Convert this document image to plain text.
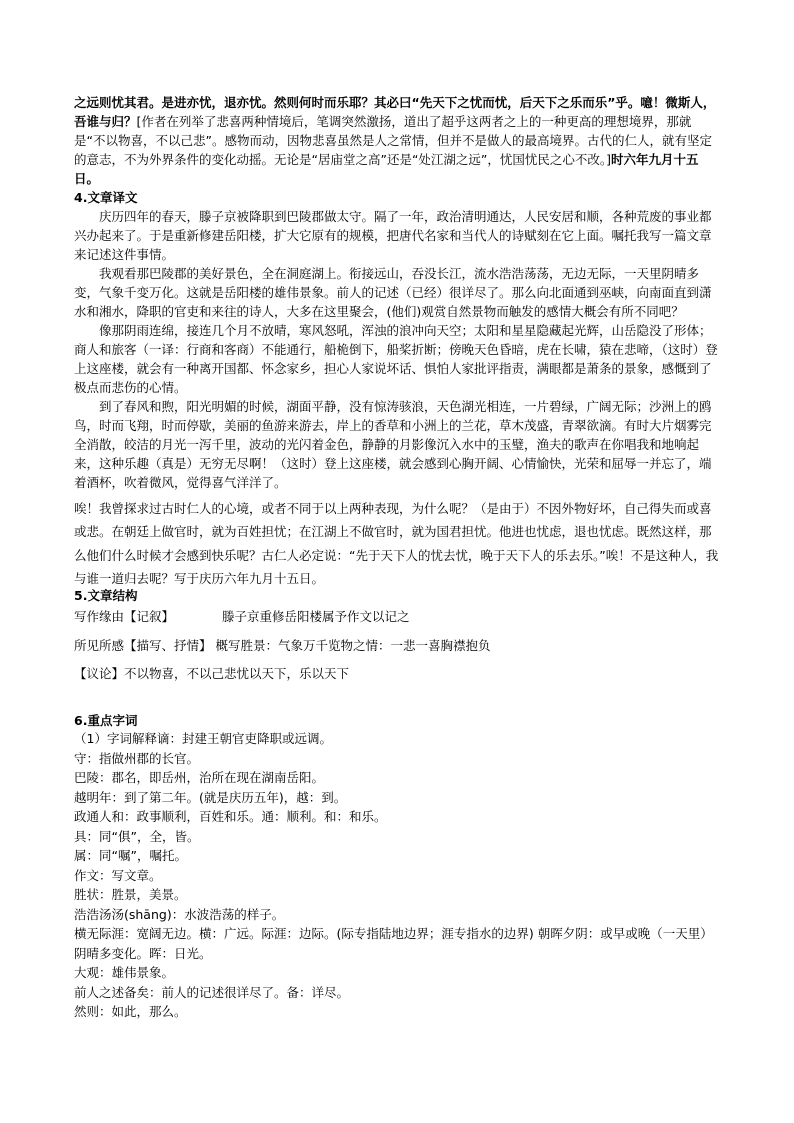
之远则忧其君。是进亦忧，退亦忧。然则何时而乐耶？其必曰“先天下之忧而忧，后天下之乐而乐”乎。噫！微斯人，吾谁与归？[作者在列举了悲喜两种情境后，笔调突然激扬，道出了超乎这两者之上的一种更高的理想境界，那就是“不以物喜，不以己悲”。感物而动，因物悲喜虽然是人之常情，但并不是做人的最高境界。古代的仁人，就有坚定的意志，不为外界条件的变化动摇。无论是“居庙堂之高”还是“处江湖之远”，忧国忧民之心不改。]时六年九月十五日。
4.文章译文

庆历四年的春天，滕子京被降职到巴陵郡做太守。隔了一年，政治清明通达，人民安居和顺，各种荒废的事业都兴办起来了。于是重新修建岳阳楼，扩大它原有的规模，把唐代名家和当代人的诗赋刻在它上面。嘱托我写一篇文章来记述这件事情。

我观看那巴陵郡的美好景色，全在洞庭湖上。衔接远山，吞没长江，流水浩浩荡荡，无边无际，一天里阴晴多变，气象千变万化。这就是岳阳楼的雄伟景象。前人的记述（已经）很详尽了。那么向北面通到巫峡，向南面直到潇水和湘水，降职的官吏和来往的诗人，大多在这里聚会，(他们)观赏自然景物而触发的感情大概会有所不同吧？

像那阴雨连绵，接连几个月不放晴，寒风怒吼，浑浊的浪冲向天空；太阳和星星隐藏起光辉，山岳隐没了形体；商人和旅客（一译：行商和客商）不能通行，船桅倒下，船桨折断；傍晚天色昏暗，虎在长啸，猿在悲啼，（这时）登上这座楼，就会有一种离开国都、怀念家乡，担心人家说坏话、惧怕人家批评指责，满眼都是萧条的景象，感慨到了极点而悲伤的心情。

到了春风和煦，阳光明媚的时候，湖面平静，没有惊涛骇浪，天色湖光相连，一片碧绿，广阔无际；沙洲上的鸥鸟，时而飞翔，时而停歇，美丽的鱼游来游去，岸上的香草和小洲上的兰花，草木茂盛，青翠欲滴。有时大片烟雾完全消散，皎洁的月光一泻千里，波动的光闪着金色，静静的月影像沉入水中的玉璧，渔夫的歌声在你唱我和地响起来，这种乐趣（真是）无穷无尽啊！（这时）登上这座楼，就会感到心胸开阔、心情愉快，光荣和屈辱一并忘了，端着酒杯，吹着微风，觉得喜气洋洋了。

唉！我曾探求过古时仁人的心境，或者不同于以上两种表现，为什么呢？（是由于）不因外物好坏，自己得失而或喜或悲。在朝廷上做官时，就为百姓担忧；在江湖上不做官时，就为国君担忧。他进也忧虑，退也忧虑。既然这样，那么他们什么时候才会感到快乐呢？古仁人必定说：“先于天下人的忧去忧，晚于天下人的乐去乐。”唉！不是这种人，我与谁一道归去呢？写于庆历六年九月十五日。
5.文章结构
写作缘由【记叙】	滕子京重修岳阳楼属予作文以记之
所见所感【描写、抒情】 概写胜景：气象万千览物之情：一悲一喜胸襟抱负
【议论】不以物喜，不以己悲忧以天下，乐以天下
6.重点字词

（1）字词解释谪：封建王朝官吏降职或远调。

守：指做州郡的长官。

巴陵：郡名，即岳州，治所在现在湖南岳阳。

越明年：到了第二年。(就是庆历五年)，越：到。

政通人和：政事顺利，百姓和乐。通：顺利。和：和乐。

具：同“俱”，全，皆。

属：同“嘱”，嘱托。

作文：写文章。

胜状：胜景，美景。

浩浩汤汤(shāng)：水波浩荡的样子。

横无际涯：宽阔无边。横：广远。际涯：边际。(际专指陆地边界；涯专指水的边界) 朝晖夕阴：或早或晚（一天里）阴晴多变化。晖：日光。

大观：雄伟景象。

前人之述备矣：前人的记述很详尽了。备：详尽。

然则：如此，那么。
